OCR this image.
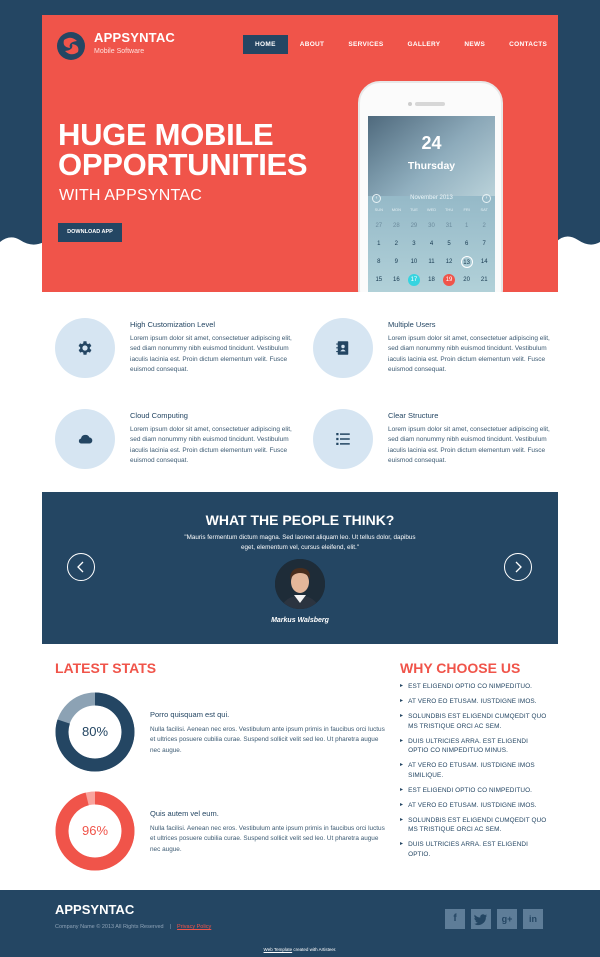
APPSYNTAC
Mobile Software
HOME	ABOUT	SERVICES	GALLERY	NEWS	CONTACTS
HUGE MOBILE
OPPORTUNITIES
WITH APPSYNTAC
DOWNLOAD APP
24
Thursday
‹	November 2013	›
SUN	MON	TUE	WED	THU	FRI	SAT
27	28	29	30	31	1	2
1	2	3	4	5	6	7
8	9	10	11	12	13	14
15	16	17	18	19	20	21
High Customization Level
Lorem ipsum dolor sit amet, consectetuer adipiscing elit, sed diam nonummy nibh euismod tincidunt. Vestibulum iaculis lacinia est. Proin dictum elementum velit. Fusce euismod consequat.
Multiple Users
Lorem ipsum dolor sit amet, consectetuer adipiscing elit, sed diam nonummy nibh euismod tincidunt. Vestibulum iaculis lacinia est. Proin dictum elementum velit. Fusce euismod consequat.
Cloud Computing
Lorem ipsum dolor sit amet, consectetuer adipiscing elit, sed diam nonummy nibh euismod tincidunt. Vestibulum iaculis lacinia est. Proin dictum elementum velit. Fusce euismod consequat.
Clear Structure
Lorem ipsum dolor sit amet, consectetuer adipiscing elit, sed diam nonummy nibh euismod tincidunt. Vestibulum iaculis lacinia est. Proin dictum elementum velit. Fusce euismod consequat.
WHAT THE PEOPLE THINK?
"Mauris fermentum dictum magna. Sed laoreet aliquam leo. Ut tellus dolor, dapibus eget, elementum vel, cursus eleifend, elit."
Markus Walsberg
LATEST STATS
80%
Porro quisquam est qui.
Nulla facilisi. Aenean nec eros. Vestibulum ante ipsum primis in faucibus orci luctus et ultrices posuere cubilia curae. Suspend sollicit velit sed leo. Ut pharetra augue nec augue.
96%
Quis autem vel eum.
Nulla facilisi. Aenean nec eros. Vestibulum ante ipsum primis in faucibus orci luctus et ultrices posuere cubilia curae. Suspend sollicit velit sed leo. Ut pharetra augue nec augue.
WHY CHOOSE US
▸ EST ELIGENDI OPTIO CO NIMPEDITUO.
▸ AT VERO EO ETUSAM. IUSTDIGNE IMOS.
▸ SOLUNDBIS EST ELIGENDI CUMQEDIT QUO MS TRISTIQUE ORCI AC SEM.
▸ DUIS ULTRICIES ARRA. EST ELIGENDI OPTIO CO NIMPEDITUO MINUS.
▸ AT VERO EO ETUSAM. IUSTDIGNE IMOS SIMILIQUE.
▸ EST ELIGENDI OPTIO CO NIMPEDITUO.
▸ AT VERO EO ETUSAM. IUSTDIGNE IMOS.
▸ SOLUNDBIS EST ELIGENDI CUMQEDIT QUO MS TRISTIQUE ORCI AC SEM.
▸ DUIS ULTRICIES ARRA. EST ELIGENDI OPTIO.
APPSYNTAC
Company Name © 2013 All Rights Reserved | Privacy Policy
f	g+	in
Web Template created with Artisteer.
